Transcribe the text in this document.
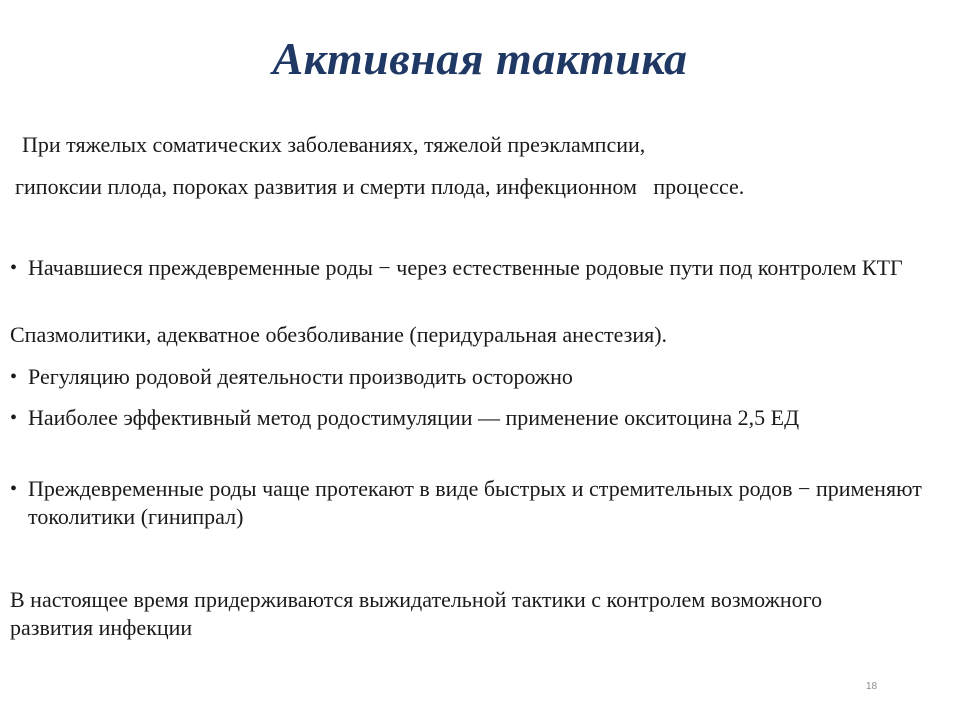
Активная тактика
При тяжелых соматических заболеваниях, тяжелой преэклампсии,
гипоксии плода, пороках развития и смерти плода, инфекционном   процессе.
• Начавшиеся преждевременные роды − через естественные родовые пути под контролем КТГ
Спазмолитики, адекватное обезболивание (перидуральная анестезия).
• Регуляцию родовой деятельности производить осторожно
• Наиболее эффективный метод родостимуляции — применение окситоцина 2,5 ЕД
• Преждевременные роды чаще протекают в виде быстрых и стремительных родов − применяют токолитики (гинипрал)
В настоящее время придерживаются выжидательной тактики с контролем возможного развития инфекции
18
